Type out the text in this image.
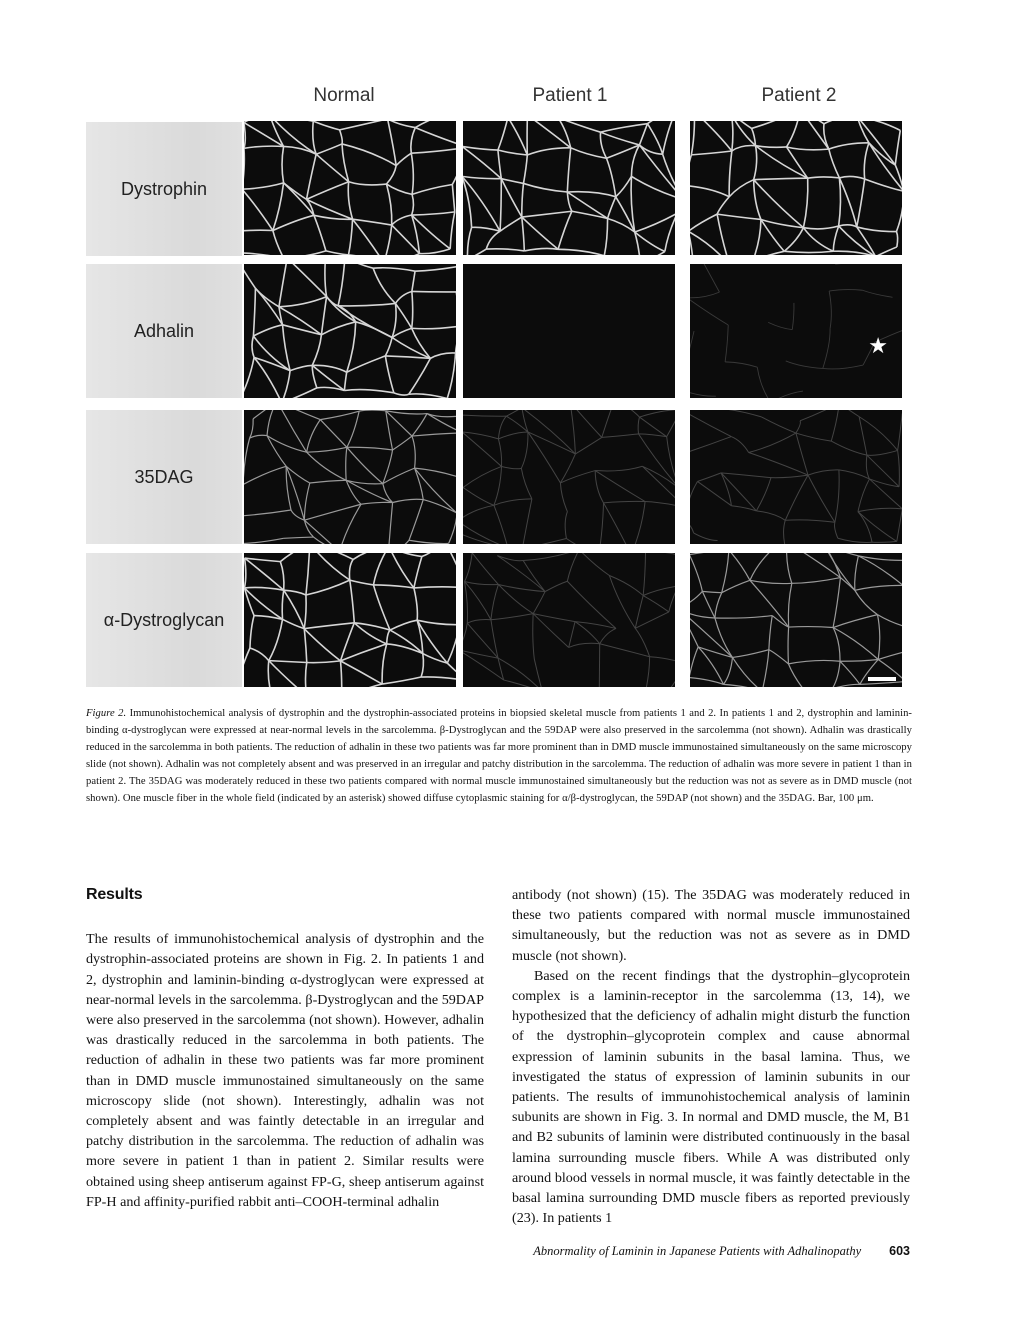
Normal	Patient 1	Patient 2
Dystrophin
Adhalin
35DAG
α-Dystroglycan
★
Figure 2. Immunohistochemical analysis of dystrophin and the dystrophin-associated proteins in biopsied skeletal muscle from patients 1 and 2. In patients 1 and 2, dystrophin and laminin-binding α-dystroglycan were expressed at near-normal levels in the sarcolemma. β-Dystroglycan and the 59DAP were also preserved in the sarcolemma (not shown). Adhalin was drastically reduced in the sarcolemma in both patients. The reduction of adhalin in these two patients was far more prominent than in DMD muscle immunostained simultaneously on the same microscopy slide (not shown). Adhalin was not completely absent and was preserved in an irregular and patchy distribution in the sarcolemma. The reduction of adhalin was more severe in patient 1 than in patient 2. The 35DAG was moderately reduced in these two patients compared with normal muscle immunostained simultaneously but the reduction was not as severe as in DMD muscle (not shown). One muscle fiber in the whole field (indicated by an asterisk) showed diffuse cytoplasmic staining for α/β-dystroglycan, the 59DAP (not shown) and the 35DAG. Bar, 100 μm.
Results

The results of immunohistochemical analysis of dystrophin and the dystrophin-associated proteins are shown in Fig. 2. In patients 1 and 2, dystrophin and laminin-binding α-dystroglycan were expressed at near-normal levels in the sarcolemma. β-Dystroglycan and the 59DAP were also preserved in the sarcolemma (not shown). However, adhalin was drastically reduced in the sarcolemma in both patients. The reduction of adhalin in these two patients was far more prominent than in DMD muscle immunostained simultaneously on the same microscopy slide (not shown). Interestingly, adhalin was not completely absent and was faintly detectable in an irregular and patchy distribution in the sarcolemma. The reduction of adhalin was more severe in patient 1 than in patient 2. Similar results were obtained using sheep antiserum against FP-G, sheep antiserum against FP-H and affinity-purified rabbit anti–COOH-terminal adhalin

antibody (not shown) (15). The 35DAG was moderately reduced in these two patients compared with normal muscle immunostained simultaneously, but the reduction was not as severe as in DMD muscle (not shown).

Based on the recent findings that the dystrophin–glycoprotein complex is a laminin-receptor in the sarcolemma (13, 14), we hypothesized that the deficiency of adhalin might disturb the function of the dystrophin–glycoprotein complex and cause abnormal expression of laminin subunits in the basal lamina. Thus, we investigated the status of expression of laminin subunits in our patients. The results of immunohistochemical analysis of laminin subunits are shown in Fig. 3. In normal and DMD muscle, the M, B1 and B2 subunits of laminin were distributed continuously in the basal lamina surrounding muscle fibers. While A was distributed only around blood vessels in normal muscle, it was faintly detectable in the basal lamina surrounding DMD muscle fibers as reported previously (23). In patients 1

Abnormality of Laminin in Japanese Patients with Adhalinopathy 603
